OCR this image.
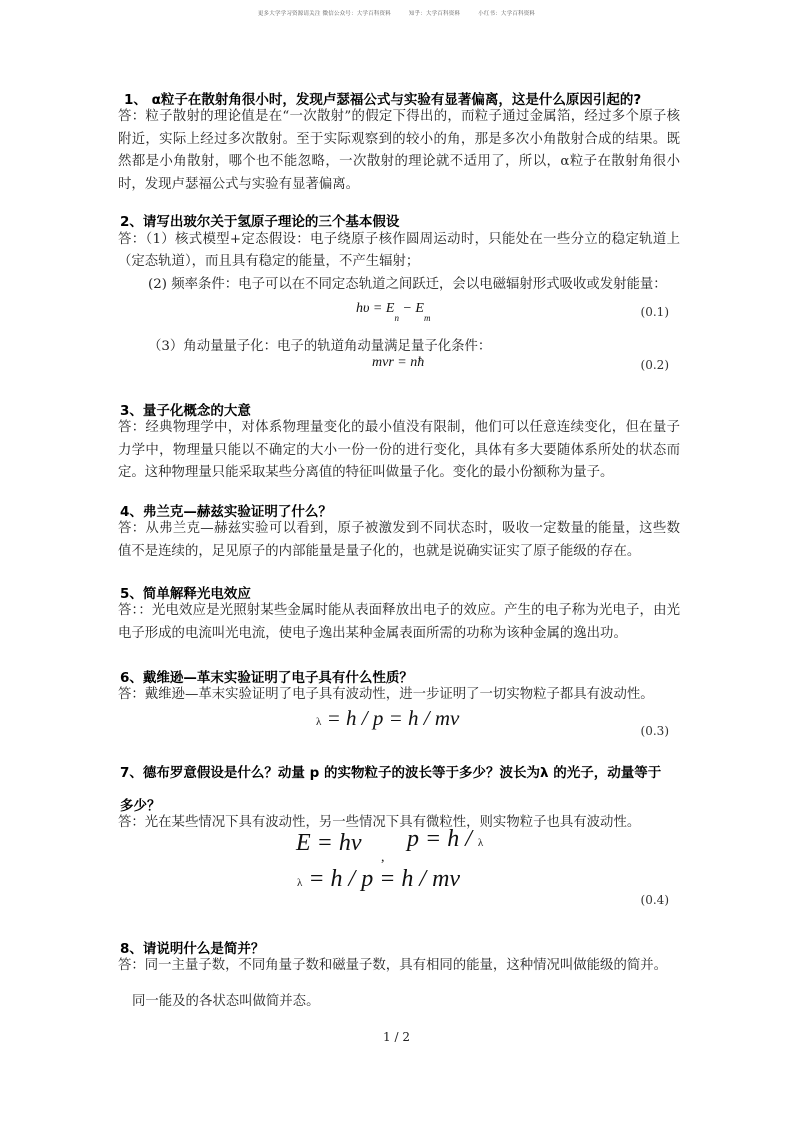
更多大学学习资源请关注 微信公众号：大学百科资料	知乎：大学百科资料	小红书：大学百科资料
1、 α粒子在散射角很小时，发现卢瑟福公式与实验有显著偏离，这是什么原因引起的?
答：粒子散射的理论值是在“一次散射”的假定下得出的，而粒子通过金属箔，经过多个原子核附近，实际上经过多次散射。至于实际观察到的较小的角，那是多次小角散射合成的结果。既然都是小角散射，哪个也不能忽略，一次散射的理论就不适用了，所以，α粒子在散射角很小时，发现卢瑟福公式与实验有显著偏离。
2、请写出玻尔关于氢原子理论的三个基本假设
答：（1）核式模型+定态假设：电子绕原子核作圆周运动时，只能处在一些分立的稳定轨道上（定态轨道），而且具有稳定的能量，不产生辐射；
(2) 频率条件：电子可以在不同定态轨道之间跃迁，会以电磁辐射形式吸收或发射能量：
$h\upsilon = E_n - E_m$	(0.1)
（3）角动量量子化：电子的轨道角动量满足量子化条件：
mvr = nħ	(0.2)
3、量子化概念的大意
答：经典物理学中，对体系物理量变化的最小值没有限制，他们可以任意连续变化，但在量子力学中，物理量只能以不确定的大小一份一份的进行变化，具体有多大要随体系所处的状态而定。这种物理量只能采取某些分离值的特征叫做量子化。变化的最小份额称为量子。
4、弗兰克—赫兹实验证明了什么？
答：从弗兰克—赫兹实验可以看到，原子被激发到不同状态时，吸收一定数量的能量，这些数值不是连续的，足见原子的内部能量是量子化的，也就是说确实证实了原子能级的存在。
5、简单解释光电效应
答：：光电效应是光照射某些金属时能从表面释放出电子的效应。产生的电子称为光电子，由光电子形成的电流叫光电流，使电子逸出某种金属表面所需的功称为该种金属的逸出功。
6、戴维逊—革末实验证明了电子具有什么性质？
答：戴维逊—革末实验证明了电子具有波动性，进一步证明了一切实物粒子都具有波动性。
λ = h / p = h / mv
(0.3)
7、德布罗意假设是什么？动量 p 的实物粒子的波长等于多少？波长为λ 的光子，动量等于
多少？
答：光在某些情况下具有波动性，另一些情况下具有微粒性，则实物粒子也具有波动性。
E = hv
,
p = h / λ
λ = h / p = h / mv
(0.4)
8、请说明什么是简并？
答：同一主量子数，不同角量子数和磁量子数，具有相同的能量，这种情况叫做能级的简并。
同一能及的各状态叫做简并态。
1 / 2
